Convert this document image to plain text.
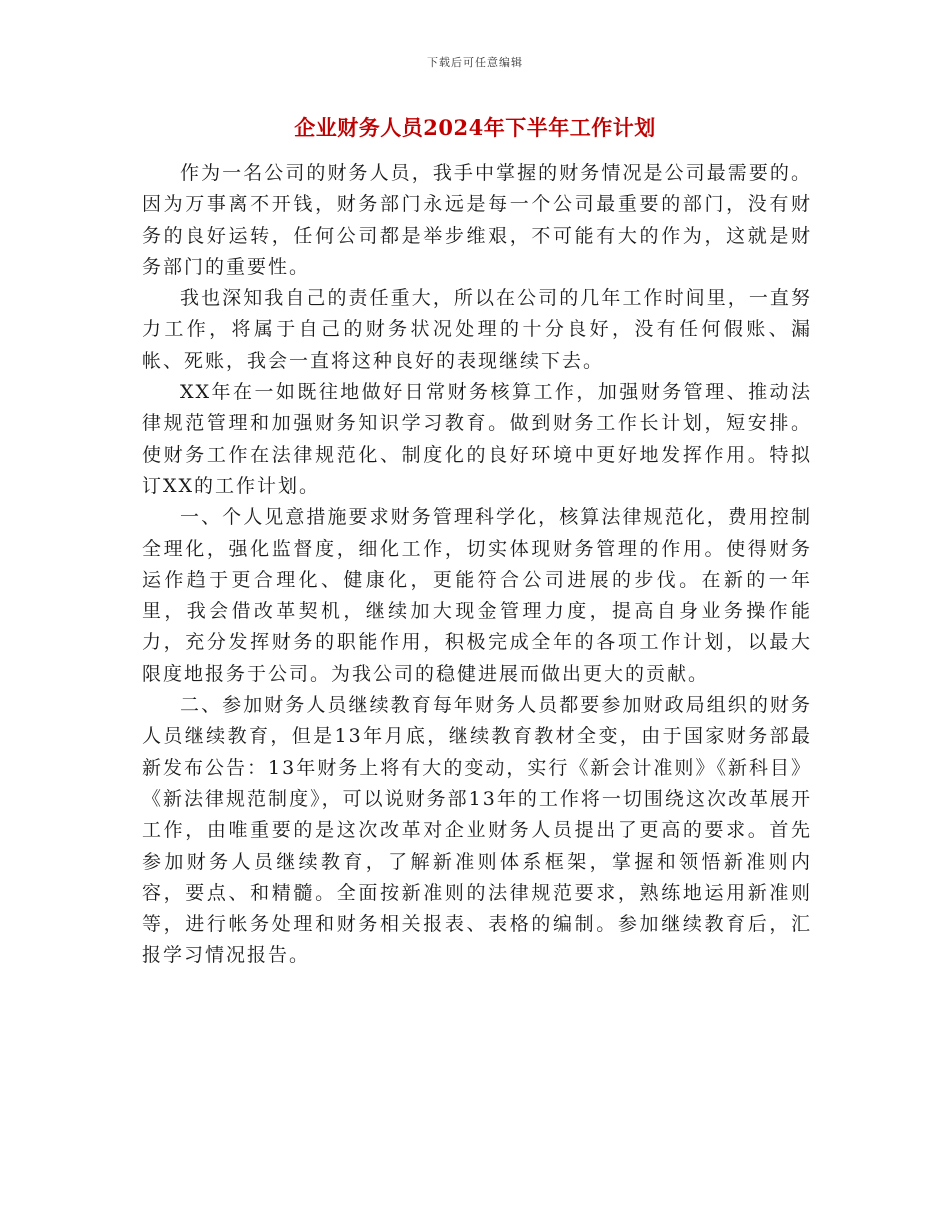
下载后可任意编辑
企业财务人员2024年下半年工作计划

作为一名公司的财务人员，我手中掌握的财务情况是公司最需要的。因为万事离不开钱，财务部门永远是每一个公司最重要的部门，没有财务的良好运转，任何公司都是举步维艰，不可能有大的作为，这就是财务部门的重要性。

我也深知我自己的责任重大，所以在公司的几年工作时间里，一直努力工作，将属于自己的财务状况处理的十分良好，没有任何假账、漏帐、死账，我会一直将这种良好的表现继续下去。

XX年在一如既往地做好日常财务核算工作，加强财务管理、推动法律规范管理和加强财务知识学习教育。做到财务工作长计划，短安排。使财务工作在法律规范化、制度化的良好环境中更好地发挥作用。特拟订XX的工作计划。

一、个人见意措施要求财务管理科学化，核算法律规范化，费用控制全理化，强化监督度，细化工作，切实体现财务管理的作用。使得财务运作趋于更合理化、健康化，更能符合公司进展的步伐。在新的一年里，我会借改革契机，继续加大现金管理力度，提高自身业务操作能力，充分发挥财务的职能作用，积极完成全年的各项工作计划，以最大限度地报务于公司。为我公司的稳健进展而做出更大的贡献。

二、参加财务人员继续教育每年财务人员都要参加财政局组织的财务人员继续教育，但是13年月底，继续教育教材全变，由于国家财务部最新发布公告：13年财务上将有大的变动，实行《新会计准则》《新科目》《新法律规范制度》，可以说财务部13年的工作将一切围绕这次改革展开工作，由唯重要的是这次改革对企业财务人员提出了更高的要求。首先参加财务人员继续教育，了解新准则体系框架，掌握和领悟新准则内容，要点、和精髓。全面按新准则的法律规范要求，熟练地运用新准则等，进行帐务处理和财务相关报表、表格的编制。参加继续教育后，汇报学习情况报告。
